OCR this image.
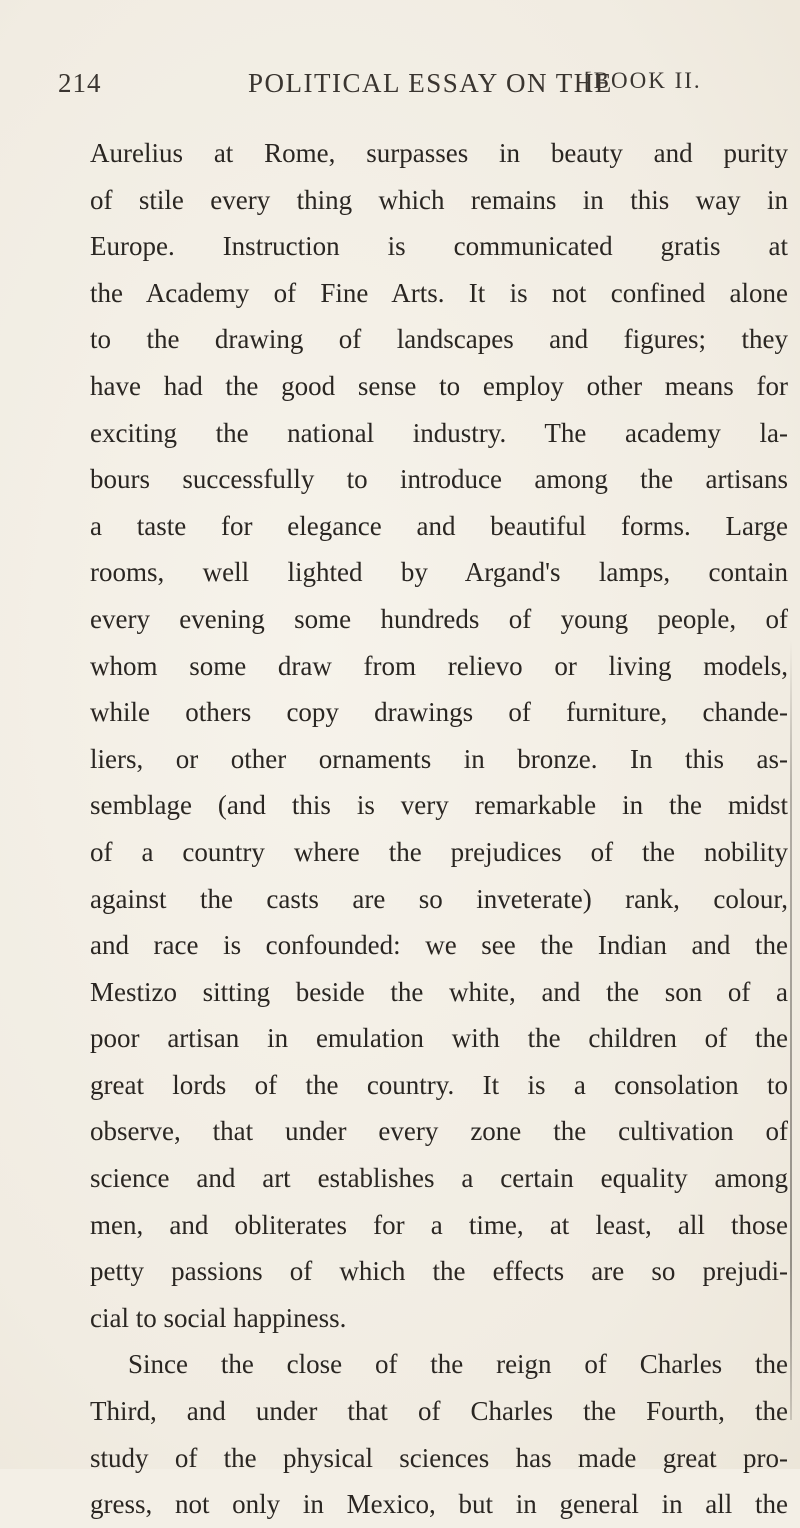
214	POLITICAL ESSAY ON THE
[BOOK II.
Aurelius at Rome, surpasses in beauty and purity
of stile every thing which remains in this way in
Europe. Instruction is communicated gratis at
the Academy of Fine Arts. It is not confined alone
to the drawing of landscapes and figures; they
have had the good sense to employ other means for
exciting the national industry. The academy la-
bours successfully to introduce among the artisans
a taste for elegance and beautiful forms. Large
rooms, well lighted by Argand's lamps, contain
every evening some hundreds of young people, of
whom some draw from relievo or living models,
while others copy drawings of furniture, chande-
liers, or other ornaments in bronze. In this as-
semblage (and this is very remarkable in the midst
of a country where the prejudices of the nobility
against the casts are so inveterate) rank, colour,
and race is confounded: we see the Indian and the
Mestizo sitting beside the white, and the son of a
poor artisan in emulation with the children of the
great lords of the country. It is a consolation to
observe, that under every zone the cultivation of
science and art establishes a certain equality among
men, and obliterates for a time, at least, all those
petty passions of which the effects are so prejudi-
cial to social happiness.
Since the close of the reign of Charles the
Third, and under that of Charles the Fourth, the
study of the physical sciences has made great pro-
gress, not only in Mexico, but in general in all the
